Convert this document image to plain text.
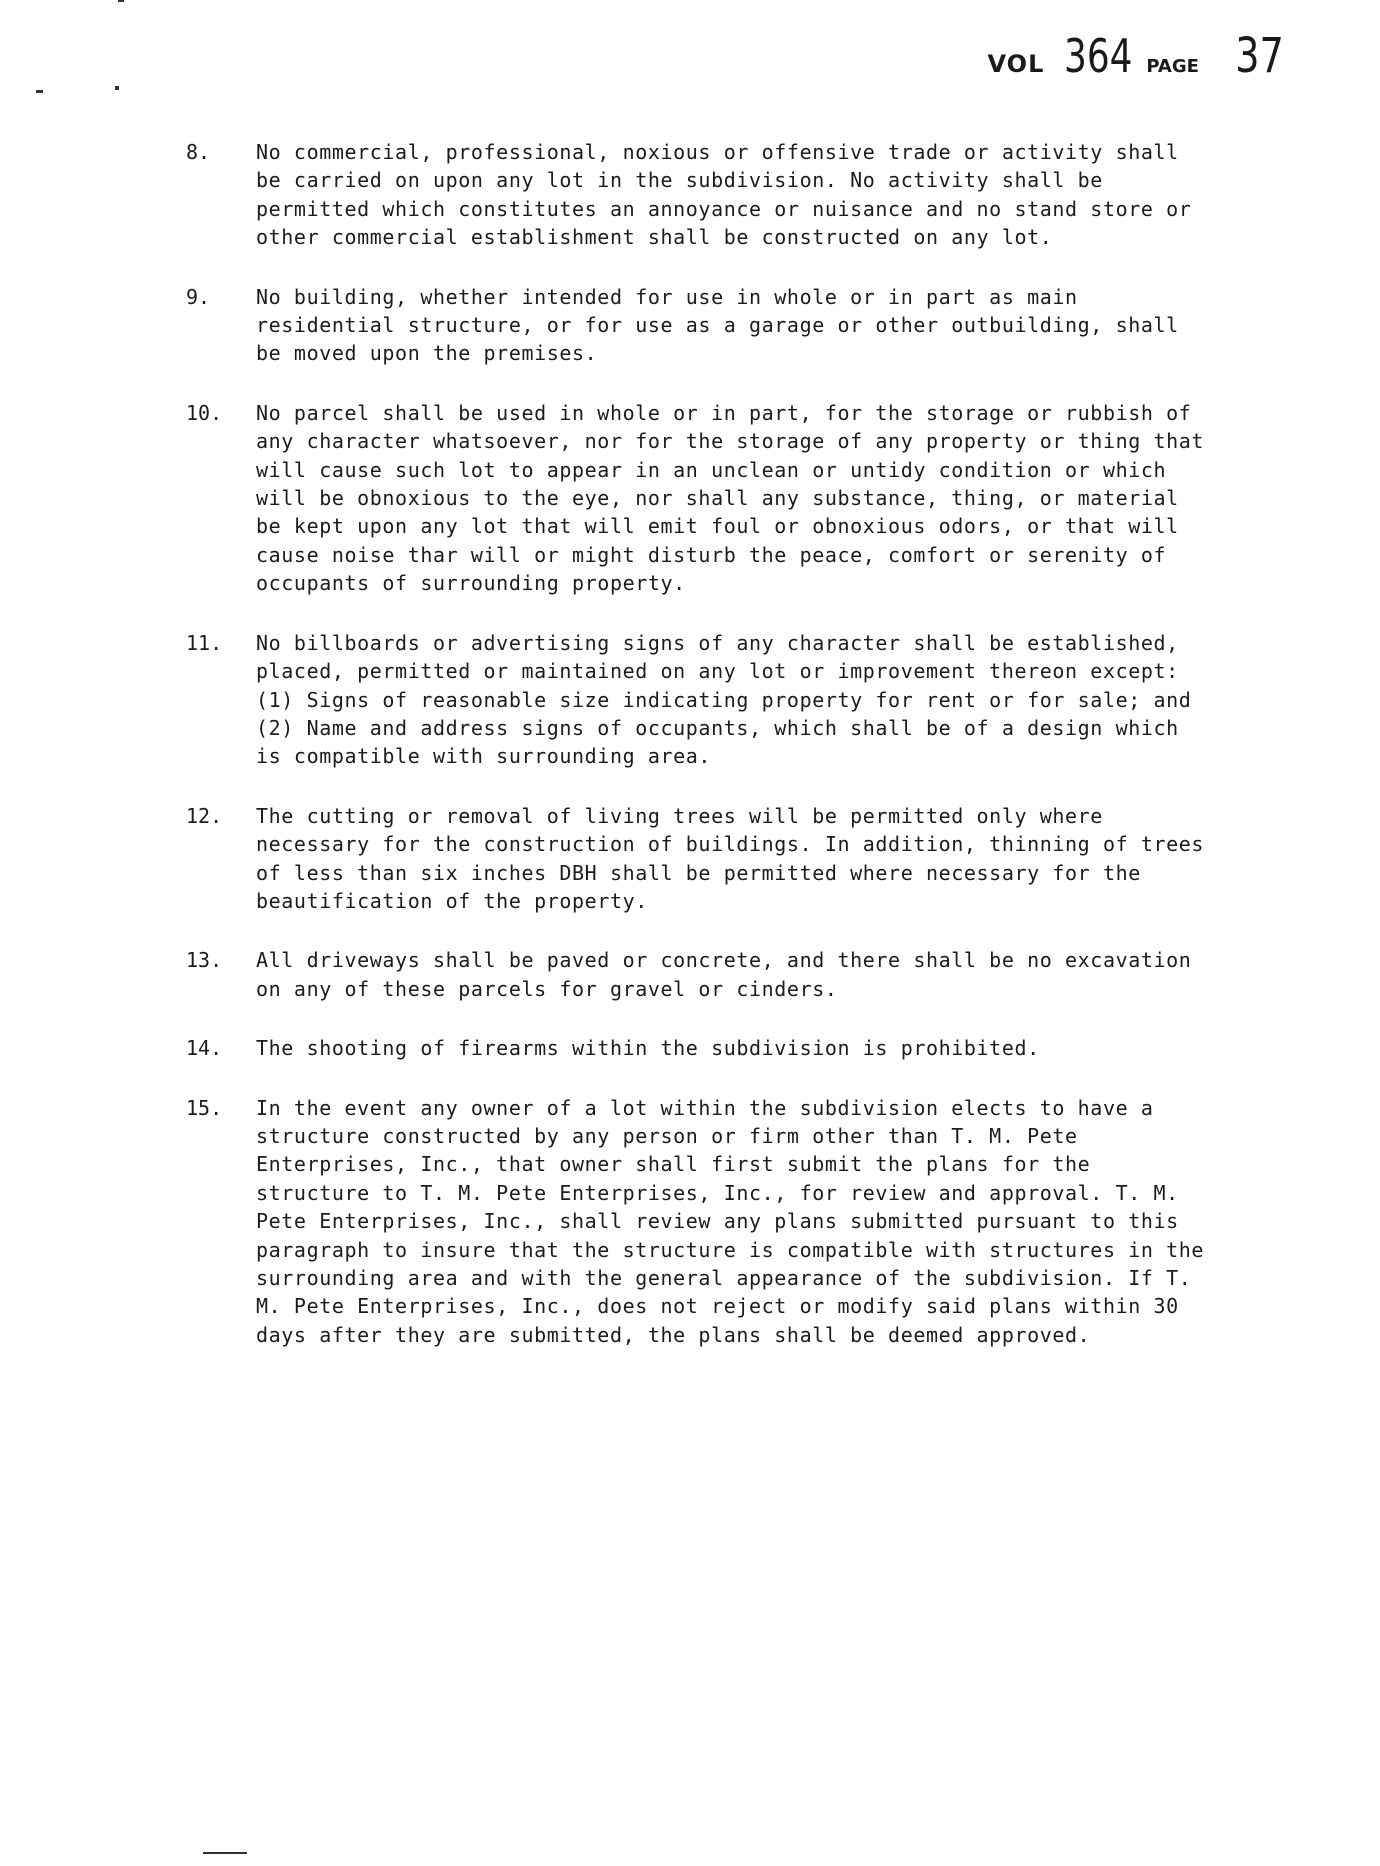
VOL 364 PAGE 37
8.	No commercial, professional, noxious or offensive trade or activity shall be carried on upon any lot in the subdivision. No activity shall be permitted which constitutes an annoyance or nuisance and no stand store or other commercial establishment shall be constructed on any lot.
9.	No building, whether intended for use in whole or in part as main residential structure, or for use as a garage or other outbuilding, shall be moved upon the premises.
10.	No parcel shall be used in whole or in part, for the storage or rubbish of any character whatsoever, nor for the storage of any property or thing that will cause such lot to appear in an unclean or untidy condition or which will be obnoxious to the eye, nor shall any substance, thing, or material be kept upon any lot that will emit foul or obnoxious odors, or that will cause noise thar will or might disturb the peace, comfort or serenity of occupants of surrounding property.
11.	No billboards or advertising signs of any character shall be established, placed, permitted or maintained on any lot or improvement thereon except: (1) Signs of reasonable size indicating property for rent or for sale; and (2) Name and address signs of occupants, which shall be of a design which is compatible with surrounding area.
12.	The cutting or removal of living trees will be permitted only where necessary for the construction of buildings. In addition, thinning of trees of less than six inches DBH shall be permitted where necessary for the beautification of the property.
13.	All driveways shall be paved or concrete, and there shall be no excavation on any of these parcels for gravel or cinders.
14.	The shooting of firearms within the subdivision is prohibited.
15.	In the event any owner of a lot within the subdivision elects to have a structure constructed by any person or firm other than T. M. Pete Enterprises, Inc., that owner shall first submit the plans for the structure to T. M. Pete Enterprises, Inc., for review and approval. T. M. Pete Enterprises, Inc., shall review any plans submitted pursuant to this paragraph to insure that the structure is compatible with structures in the surrounding area and with the general appearance of the subdivision. If T. M. Pete Enterprises, Inc., does not reject or modify said plans within 30 days after they are submitted, the plans shall be deemed approved.
